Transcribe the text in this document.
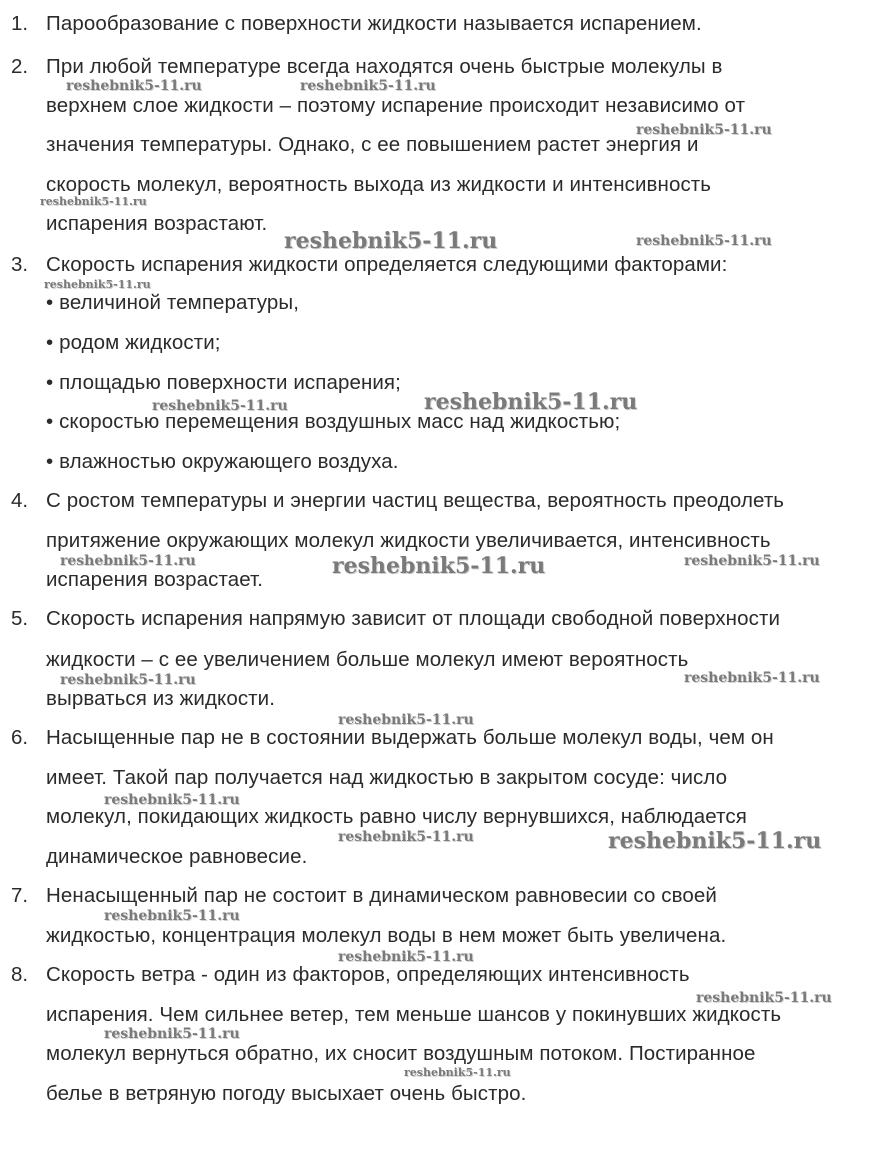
1. Парообразование с поверхности жидкости называется испарением.
2. При любой температуре всегда находятся очень быстрые молекулы в
верхнем слое жидкости – поэтому испарение происходит независимо от
значения температуры. Однако, с ее повышением растет энергия и
скорость молекул, вероятность выхода из жидкости и интенсивность
испарения возрастают.
3. Скорость испарения жидкости определяется следующими факторами:
• величиной температуры,
• родом жидкости;
• площадью поверхности испарения;
• скоростью перемещения воздушных масс над жидкостью;
• влажностью окружающего воздуха.
4. С ростом температуры и энергии частиц вещества, вероятность преодолеть
притяжение окружающих молекул жидкости увеличивается, интенсивность
испарения возрастает.
5. Скорость испарения напрямую зависит от площади свободной поверхности
жидкости – с ее увеличением больше молекул имеют вероятность
вырваться из жидкости.
6. Насыщенные пар не в состоянии выдержать больше молекул воды, чем он
имеет. Такой пар получается над жидкостью в закрытом сосуде: число
молекул, покидающих жидкость равно числу вернувшихся, наблюдается
динамическое равновесие.
7. Ненасыщенный пар не состоит в динамическом равновесии со своей
жидкостью, концентрация молекул воды в нем может быть увеличена.
8. Скорость ветра - один из факторов, определяющих интенсивность
испарения. Чем сильнее ветер, тем меньше шансов у покинувших жидкость
молекул вернуться обратно, их сносит воздушным потоком. Постиранное
белье в ветряную погоду высыхает очень быстро.
reshebnik5-11.ru	reshebnik5-11.ru
reshebnik5-11.ru
reshebnik5-11.ru
reshebnik5-11.ru	reshebnik5-11.ru
reshebnik5-11.ru
reshebnik5-11.ru	reshebnik5-11.ru
reshebnik5-11.ru	reshebnik5-11.ru	reshebnik5-11.ru
reshebnik5-11.ru	reshebnik5-11.ru
reshebnik5-11.ru
reshebnik5-11.ru
reshebnik5-11.ru	reshebnik5-11.ru
reshebnik5-11.ru
reshebnik5-11.ru
reshebnik5-11.ru
reshebnik5-11.ru
reshebnik5-11.ru
